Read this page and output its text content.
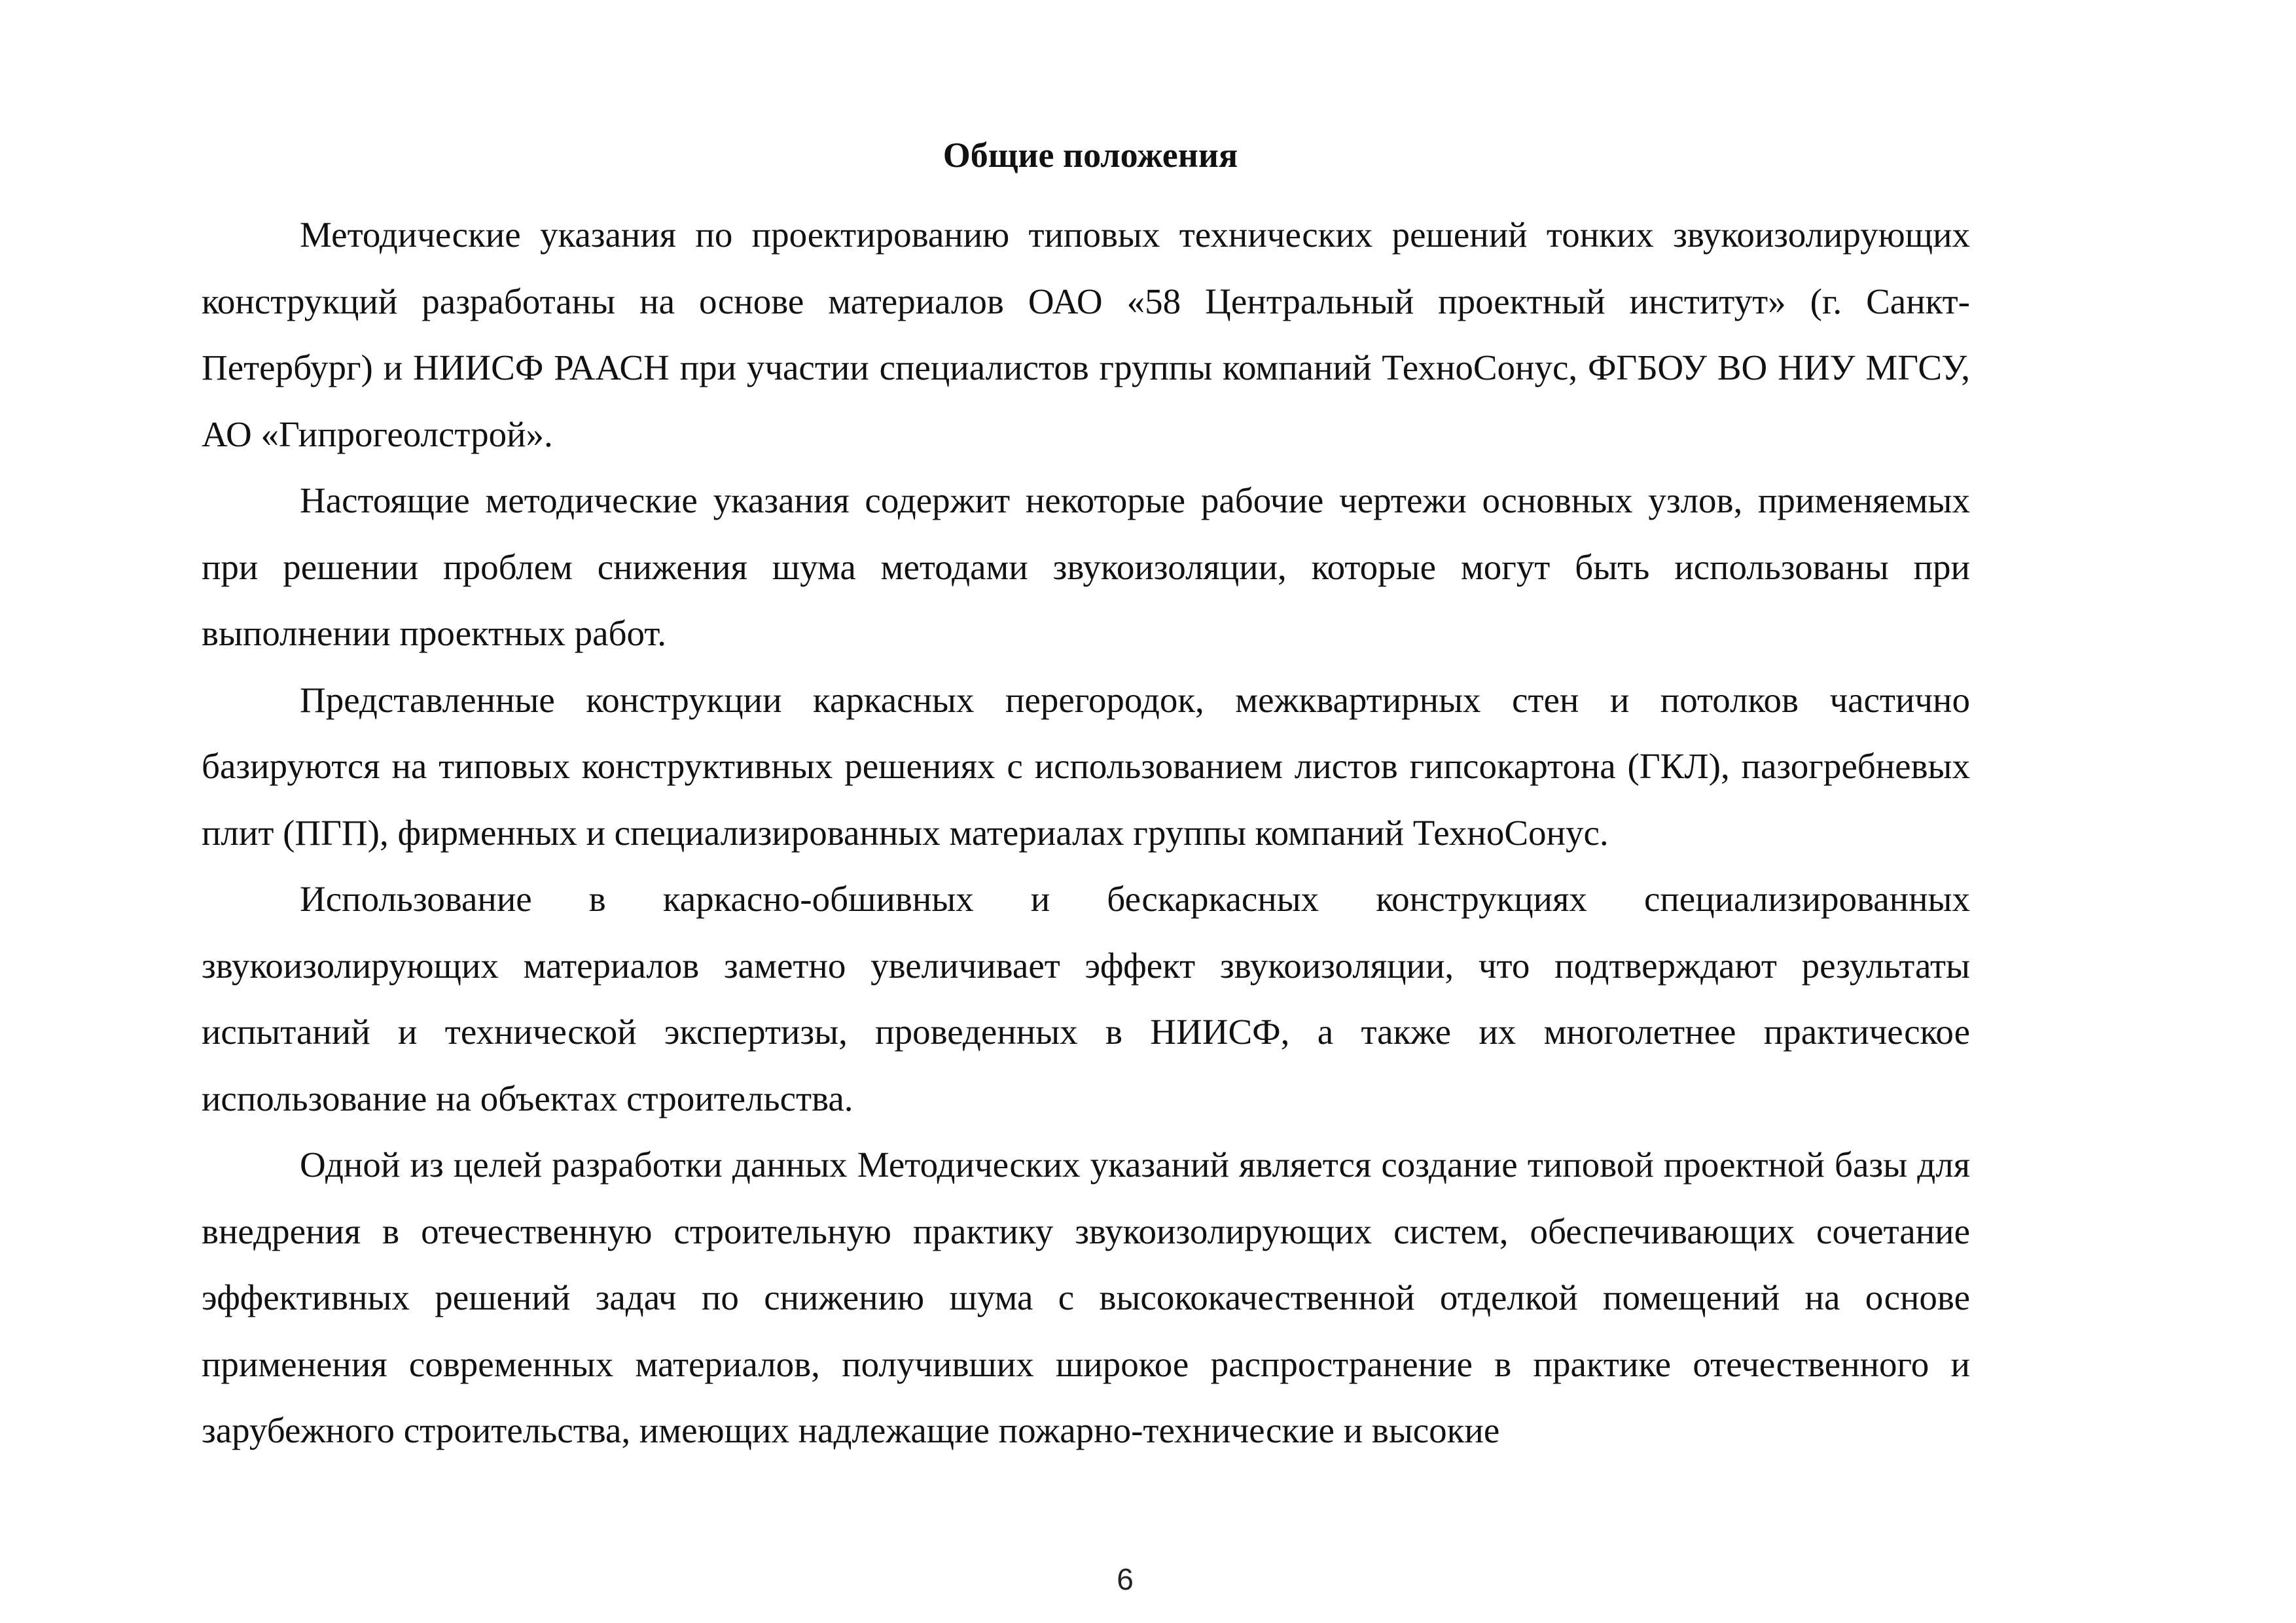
Общие положения

Методические указания по проектированию типовых технических решений тонких звукоизолирующих конструкций разработаны на основе материалов ОАО «58 Центральный проектный институт» (г. Санкт-Петербург) и НИИСФ РААСН при участии специалистов группы компаний ТехноСонус, ФГБОУ ВО НИУ МГСУ, АО «Гипрогеолстрой».

Настоящие методические указания содержит некоторые рабочие чертежи основных узлов, применяемых при решении проблем снижения шума методами звукоизоляции, которые могут быть использованы при выполнении проектных работ.

Представленные конструкции каркасных перегородок, межквартирных стен и потолков частично базируются на типовых конструктивных решениях с использованием листов гипсокартона (ГКЛ), пазогребневых плит (ПГП), фирменных и специализированных материалах группы компаний ТехноСонус.

Использование в каркасно-обшивных и бескаркасных конструкциях специализированных звукоизолирующих материалов заметно увеличивает эффект звукоизоляции, что подтверждают результаты испытаний и технической экспертизы, проведенных в НИИСФ, а также их многолетнее практическое использование на объектах строительства.

Одной из целей разработки данных Методических указаний является создание типовой проектной базы для внедрения в отечественную строительную практику звукоизолирующих систем, обеспечивающих сочетание эффективных решений задач по снижению шума с высококачественной отделкой помещений на основе применения современных материалов, получивших широкое распространение в практике отечественного и зарубежного строительства, имеющих надлежащие пожарно-технические и высокие

6
